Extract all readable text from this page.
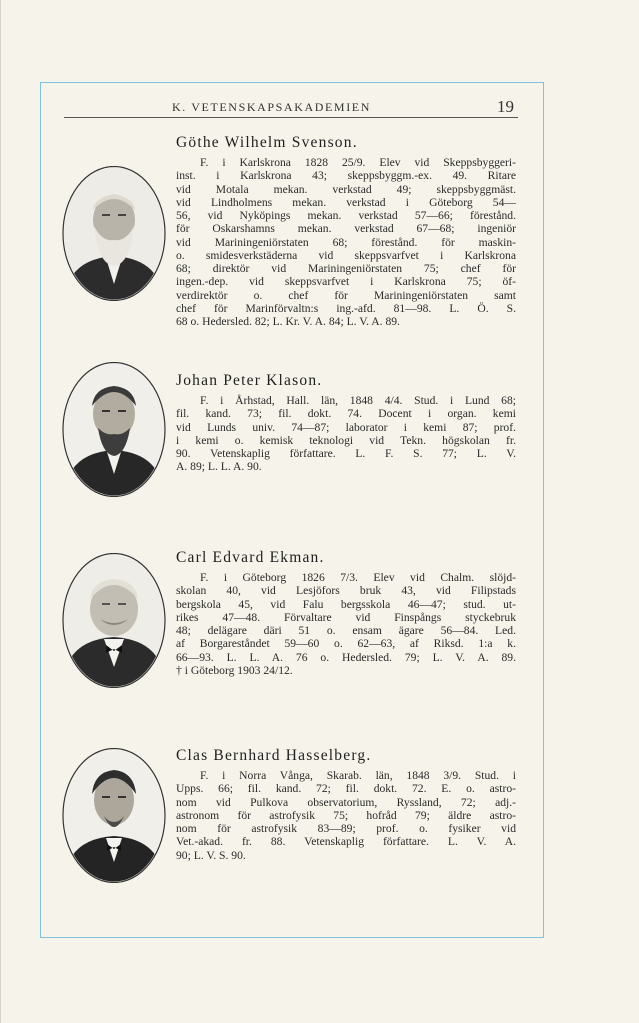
K. VETENSKAPSAKADEMIEN	19
Göthe Wilhelm Svenson.
F. i Karlskrona 1828 25/9. Elev vid Skeppsbyggeri-
inst. i Karlskrona 43; skeppsbyggm.-ex. 49. Ritare
vid Motala mekan. verkstad 49; skeppsbyggmäst.
vid Lindholmens mekan. verkstad i Göteborg 54—
56, vid Nyköpings mekan. verkstad 57—66; förestånd.
för Oskarshamns mekan. verkstad 67—68; ingeniör
vid Mariningeniörstaten 68; förestånd. för maskin-
o. smidesverkstäderna vid skeppsvarfvet i Karlskrona
68; direktör vid Mariningeniörstaten 75; chef för
ingen.-dep. vid skeppsvarfvet i Karlskrona 75; öf-
verdirektör o. chef för Mariningeniörstaten samt
chef för Marinförvaltn:s ing.-afd. 81—98. L. Ö. S.
68 o. Hedersled. 82; L. Kr. V. A. 84; L. V. A. 89.
Johan Peter Klason.
F. i Århstad, Hall. län, 1848 4/4. Stud. i Lund 68;
fil. kand. 73; fil. dokt. 74. Docent i organ. kemi
vid Lunds univ. 74—87; laborator i kemi 87; prof.
i kemi o. kemisk teknologi vid Tekn. högskolan fr.
90. Vetenskaplig författare. L. F. S. 77; L. V.
A. 89; L. L. A. 90.
Carl Edvard Ekman.
F. i Göteborg 1826 7/3. Elev vid Chalm. slöjd-
skolan 40, vid Lesjöfors bruk 43, vid Filipstads
bergskola 45, vid Falu bergsskola 46—47; stud. ut-
rikes 47—48. Förvaltare vid Finspångs styckebruk
48; delägare däri 51 o. ensam ägare 56—84. Led.
af Borgareståndet 59—60 o. 62—63, af Riksd. 1:a k.
66—93. L. L. A. 76 o. Hedersled. 79; L. V. A. 89.
† i Göteborg 1903 24/12.
Clas Bernhard Hasselberg.
F. i Norra Vånga, Skarab. län, 1848 3/9. Stud. i
Upps. 66; fil. kand. 72; fil. dokt. 72. E. o. astro-
nom vid Pulkova observatorium, Ryssland, 72; adj.-
astronom för astrofysik 75; hofråd 79; äldre astro-
nom för astrofysik 83—89; prof. o. fysiker vid
Vet.-akad. fr. 88. Vetenskaplig författare. L. V. A.
90; L. V. S. 90.
